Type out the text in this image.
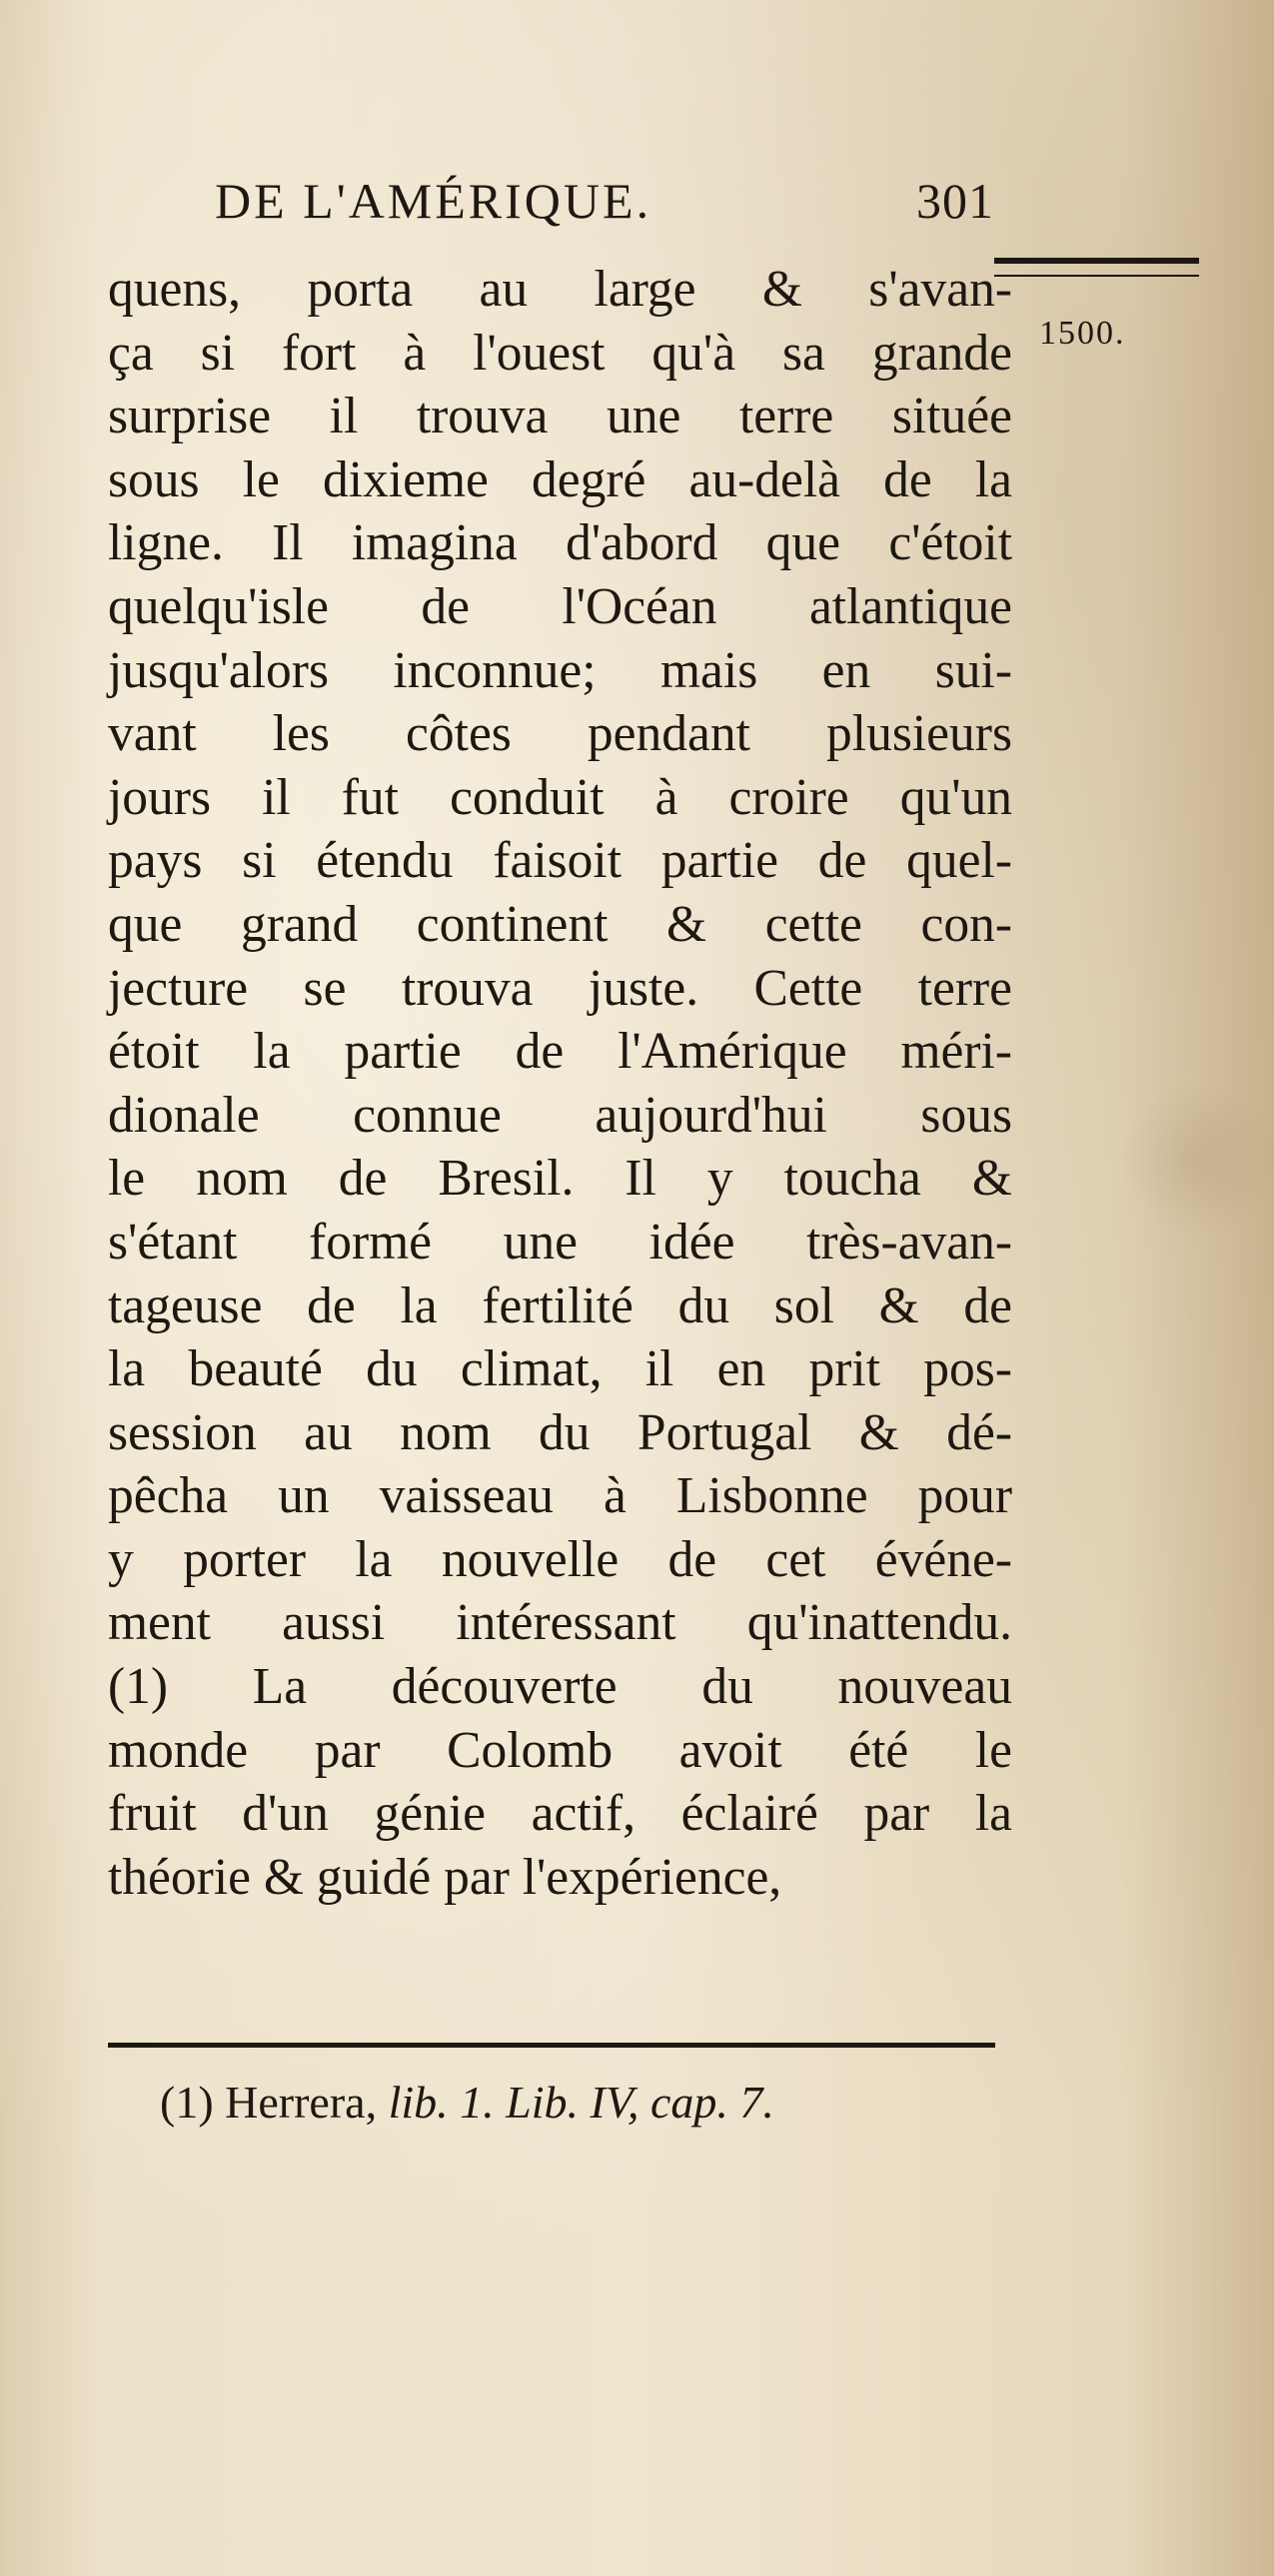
DE L'AMÉRIQUE.	301
1500.
quens, porta au large & s'avan-
ça si fort à l'ouest qu'à sa grande
surprise il trouva une terre située
sous le dixieme degré au-delà de la
ligne. Il imagina d'abord que c'étoit
quelqu'isle de l'Océan atlantique
jusqu'alors inconnue; mais en sui-
vant les côtes pendant plusieurs
jours il fut conduit à croire qu'un
pays si étendu faisoit partie de quel-
que grand continent & cette con-
jecture se trouva juste. Cette terre
étoit la partie de l'Amérique méri-
dionale connue aujourd'hui sous
le nom de Bresil. Il y toucha &
s'étant formé une idée très-avan-
tageuse de la fertilité du sol & de
la beauté du climat, il en prit pos-
session au nom du Portugal & dé-
pêcha un vaisseau à Lisbonne pour
y porter la nouvelle de cet événe-
ment aussi intéressant qu'inattendu.
(1) La découverte du nouveau
monde par Colomb avoit été le
fruit d'un génie actif, éclairé par la
théorie & guidé par l'expérience,
(1) Herrera, lib. 1. Lib. IV, cap. 7.
